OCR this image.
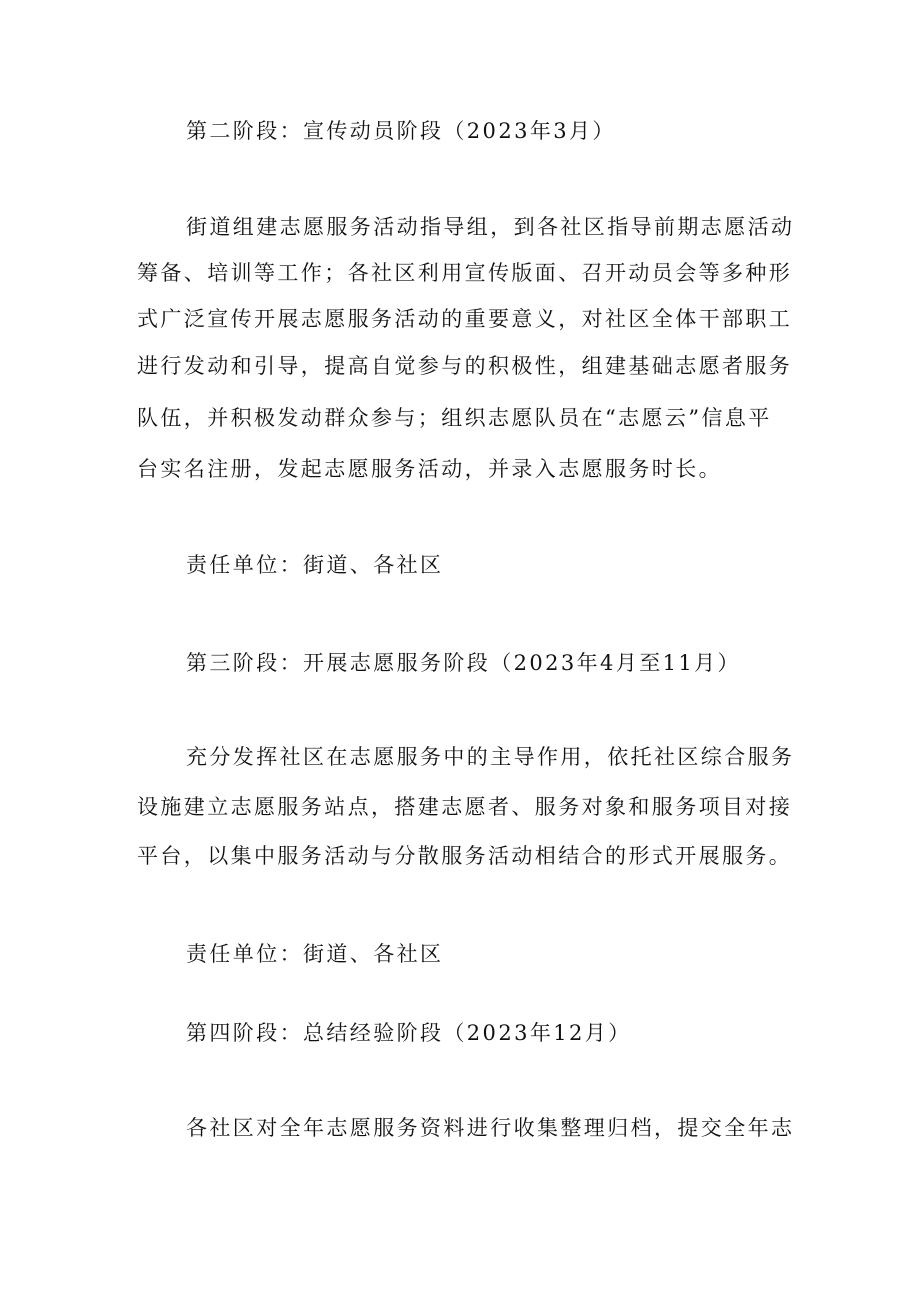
第二阶段：宣传动员阶段（2023年3月）
街道组建志愿服务活动指导组，到各社区指导前期志愿活动
筹备、培训等工作；各社区利用宣传版面、召开动员会等多种形
式广泛宣传开展志愿服务活动的重要意义，对社区全体干部职工
进行发动和引导，提高自觉参与的积极性，组建基础志愿者服务
队伍，并积极发动群众参与；组织志愿队员在“志愿云”信息平
台实名注册，发起志愿服务活动，并录入志愿服务时长。
责任单位：街道、各社区
第三阶段：开展志愿服务阶段（2023年4月至11月）
充分发挥社区在志愿服务中的主导作用，依托社区综合服务
设施建立志愿服务站点，搭建志愿者、服务对象和服务项目对接
平台，以集中服务活动与分散服务活动相结合的形式开展服务。
责任单位：街道、各社区
第四阶段：总结经验阶段（2023年12月）
各社区对全年志愿服务资料进行收集整理归档，提交全年志
